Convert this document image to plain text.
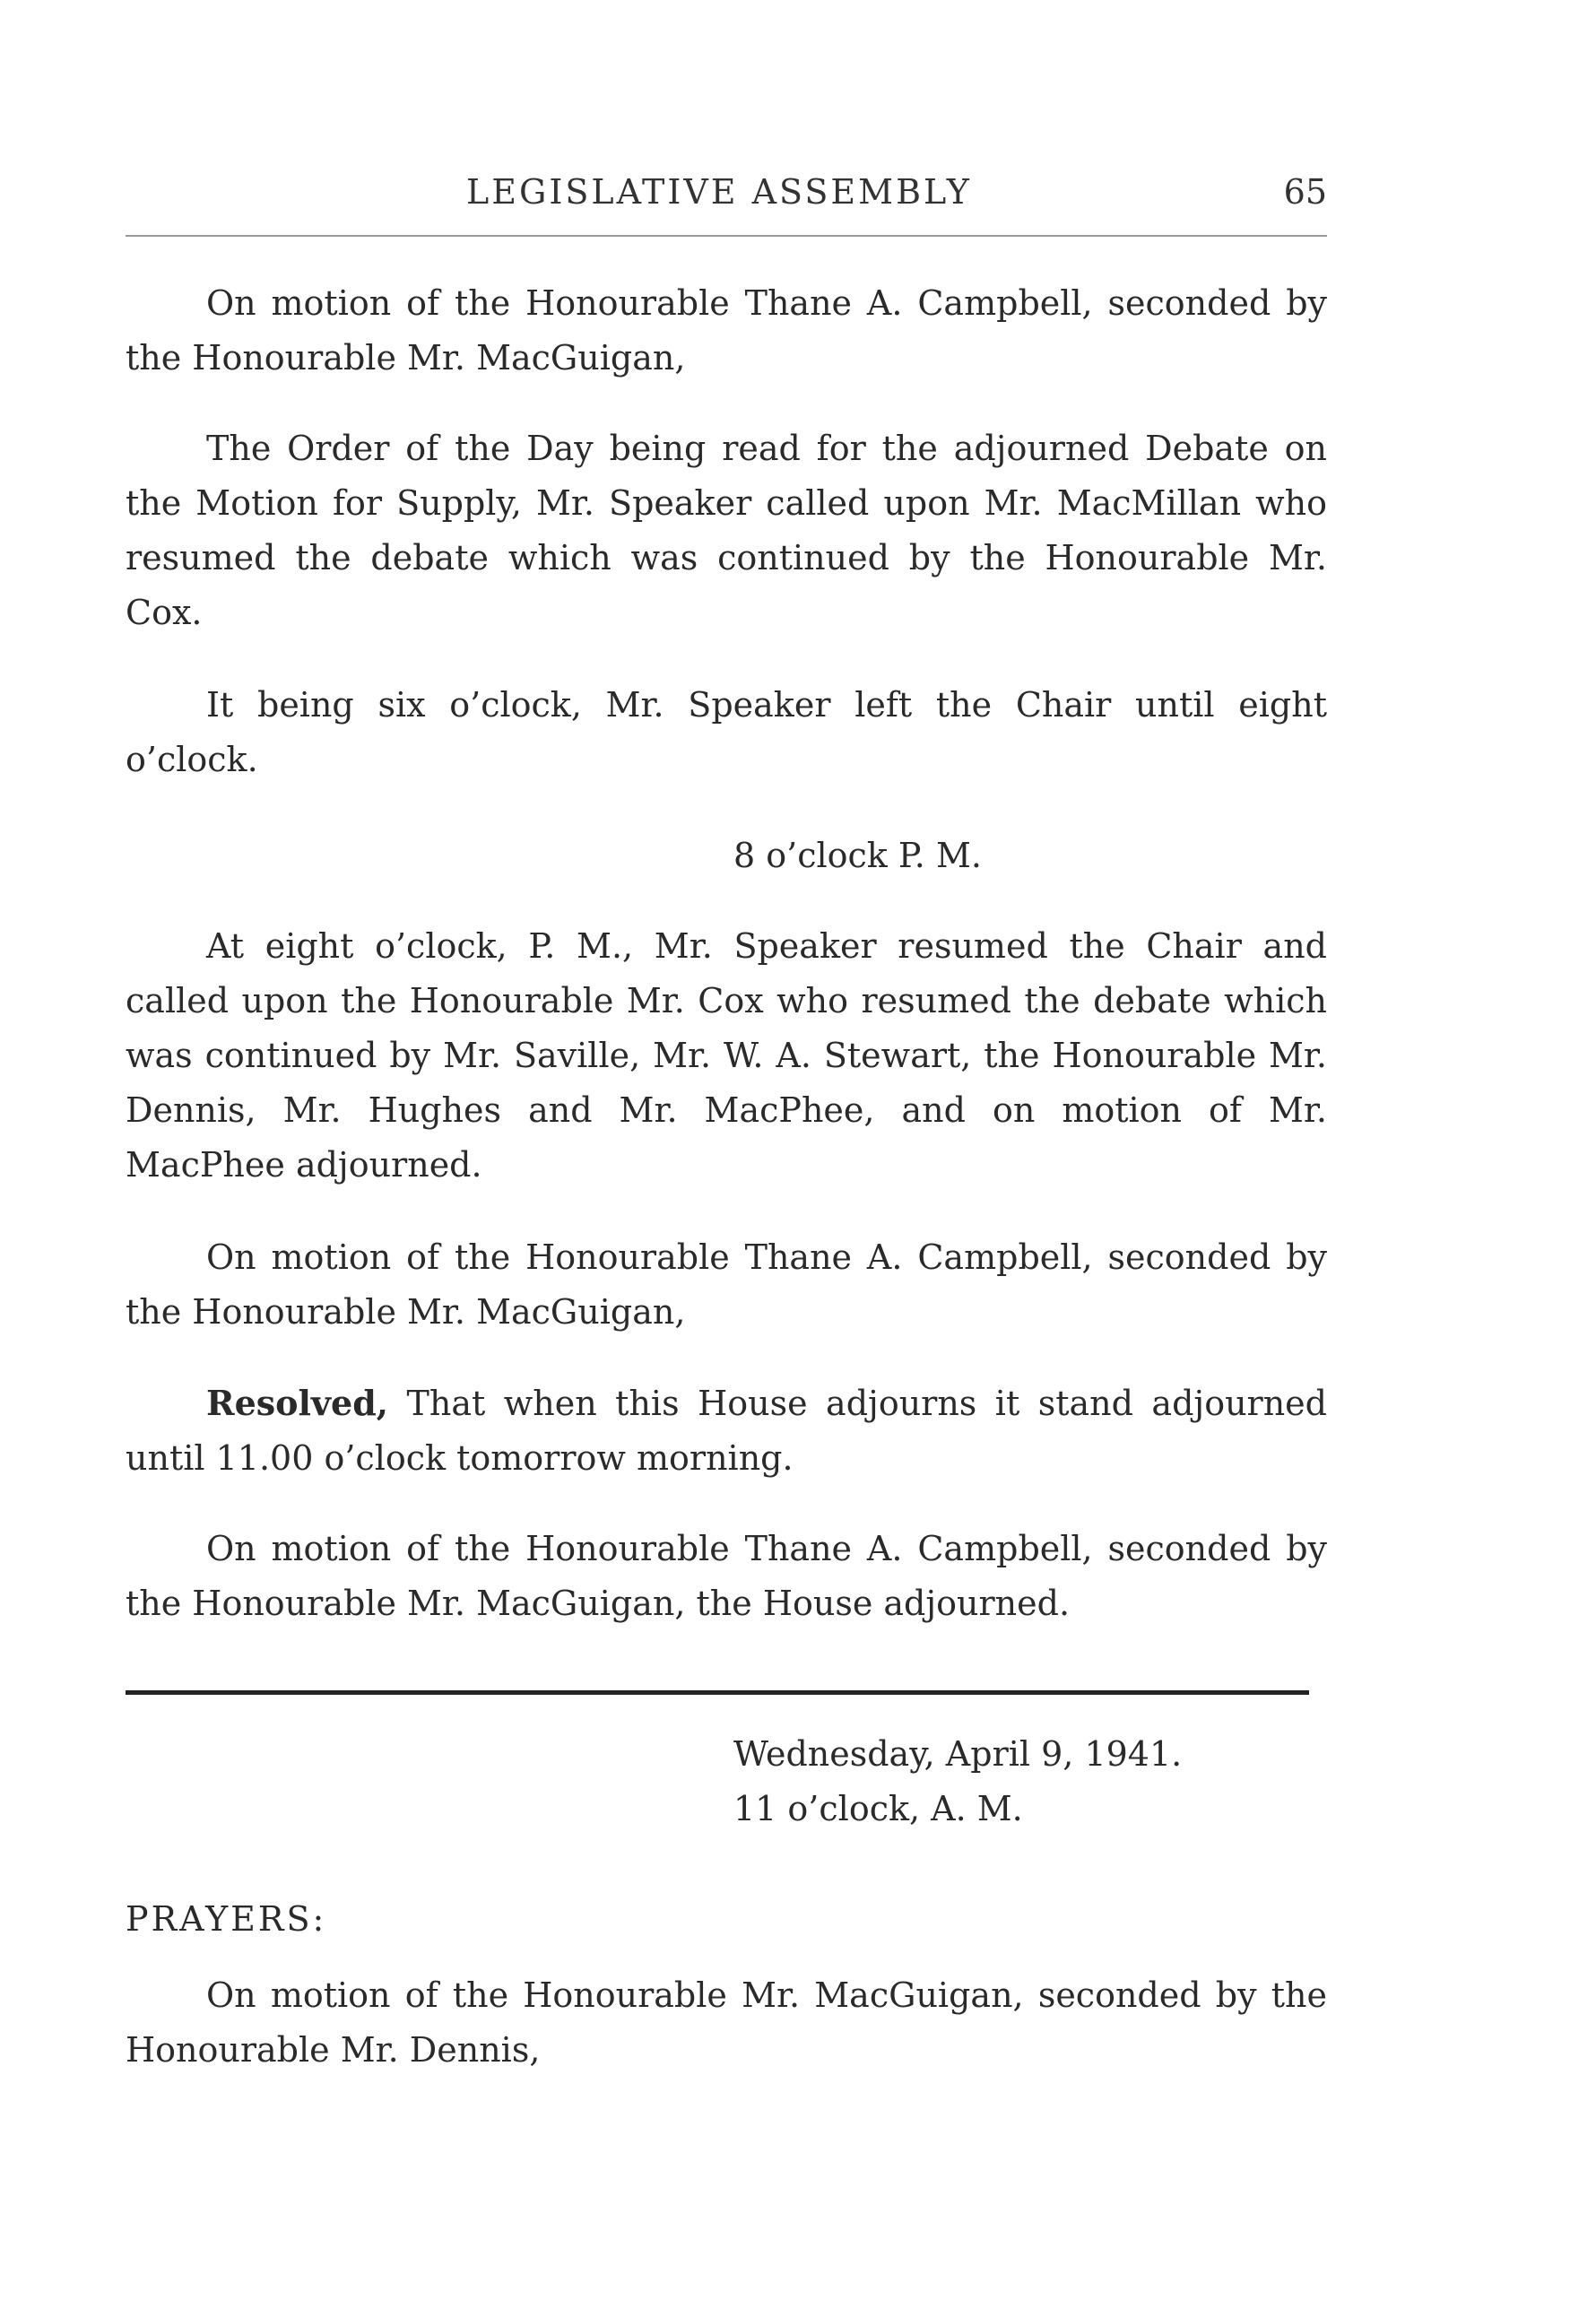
LEGISLATIVE ASSEMBLY	65

On motion of the Honourable Thane A. Campbell, seconded by the Honourable Mr. MacGuigan,

The Order of the Day being read for the adjourned Debate on the Motion for Supply, Mr. Speaker called upon Mr. MacMillan who resumed the debate which was continued by the Honourable Mr. Cox.

It being six o’clock, Mr. Speaker left the Chair until eight o’clock.

8 o’clock P. M.

At eight o’clock, P. M., Mr. Speaker resumed the Chair and called upon the Honourable Mr. Cox who resumed the debate which was continued by Mr. Saville, Mr. W. A. Stewart, the Honourable Mr. Dennis, Mr. Hughes and Mr. MacPhee, and on motion of Mr. MacPhee adjourned.

On motion of the Honourable Thane A. Campbell, seconded by the Honourable Mr. MacGuigan,

Resolved, That when this House adjourns it stand adjourned until 11.00 o’clock tomorrow morning.

On motion of the Honourable Thane A. Campbell, seconded by the Honourable Mr. MacGuigan, the House adjourned.

Wednesday, April 9, 1941.
11 o’clock, A. M.
PRAYERS:

On motion of the Honourable Mr. MacGuigan, seconded by the Honourable Mr. Dennis,
